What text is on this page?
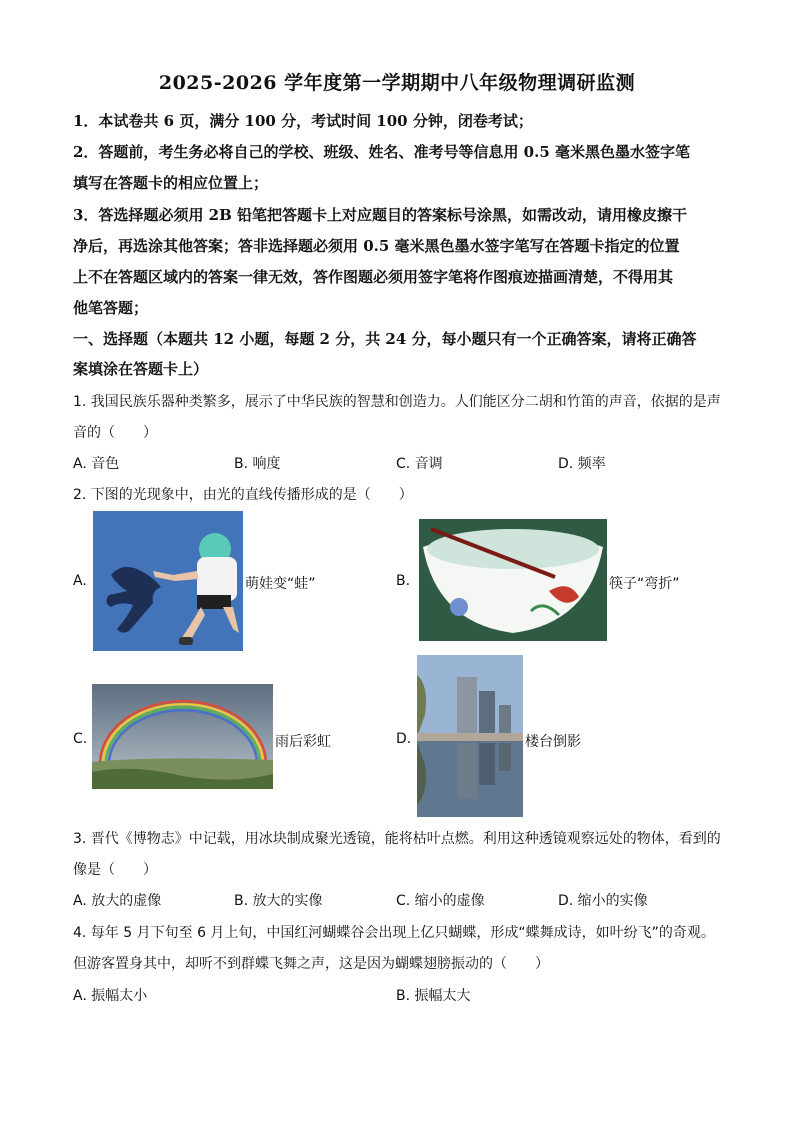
2025-2026 学年度第一学期期中八年级物理调研监测
1．本试卷共 6 页，满分 100 分，考试时间 100 分钟，闭卷考试；
2．答题前，考生务必将自己的学校、班级、姓名、准考号等信息用 0.5 毫米黑色墨水签字笔
填写在答题卡的相应位置上；
3．答选择题必须用 2B 铅笔把答题卡上对应题目的答案标号涂黑，如需改动，请用橡皮擦干
净后，再选涂其他答案；答非选择题必须用 0.5 毫米黑色墨水签字笔写在答题卡指定的位置
上不在答题区域内的答案一律无效，答作图题必须用签字笔将作图痕迹描画清楚，不得用其
他笔答题；
一、选择题（本题共 12 小题，每题 2 分，共 24 分，每小题只有一个正确答案，请将正确答
案填涂在答题卡上）
1. 我国民族乐器种类繁多，展示了中华民族的智慧和创造力。人们能区分二胡和竹笛的声音，依据的是声
音的（　　）
A. 音色	B. 响度	C. 音调	D. 频率
2. 下图的光现象中，由光的直线传播形成的是（　　）
A.	萌娃变“蛙”	B.	筷子“弯折”
C.	雨后彩虹	D.	楼台倒影
3. 晋代《博物志》中记载，用冰块制成聚光透镜，能将枯叶点燃。利用这种透镜观察远处的物体，看到的
像是（　　）
A. 放大的虚像	B. 放大的实像	C. 缩小的虚像	D. 缩小的实像
4. 每年 5 月下旬至 6 月上旬，中国红河蝴蝶谷会出现上亿只蝴蝶，形成“蝶舞成诗，如叶纷飞”的奇观。
但游客置身其中，却听不到群蝶飞舞之声，这是因为蝴蝶翅膀振动的（　　）
A. 振幅太小	B. 振幅太大
